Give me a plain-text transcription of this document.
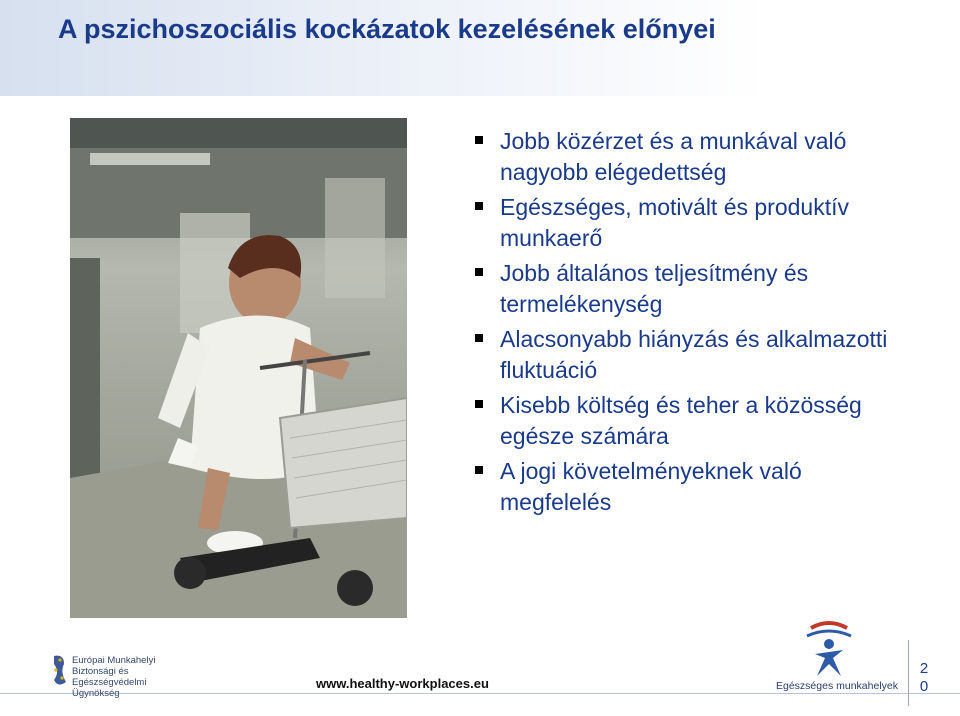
A pszichoszociális kockázatok kezelésének előnyei
Jobb közérzet és a munkával való nagyobb elégedettség
Egészséges, motivált és produktív munkaerő
Jobb általános teljesítmény és termelékenység
Alacsonyabb hiányzás és alkalmazotti fluktuáció
Kisebb költség és teher a közösség egésze számára
A jogi követelményeknek való megfelelés
Európai Munkahelyi
Biztonsági és Egészségvédelmi
Ügynökség
www.healthy-workplaces.eu	Egészséges munkahelyek
2 0
